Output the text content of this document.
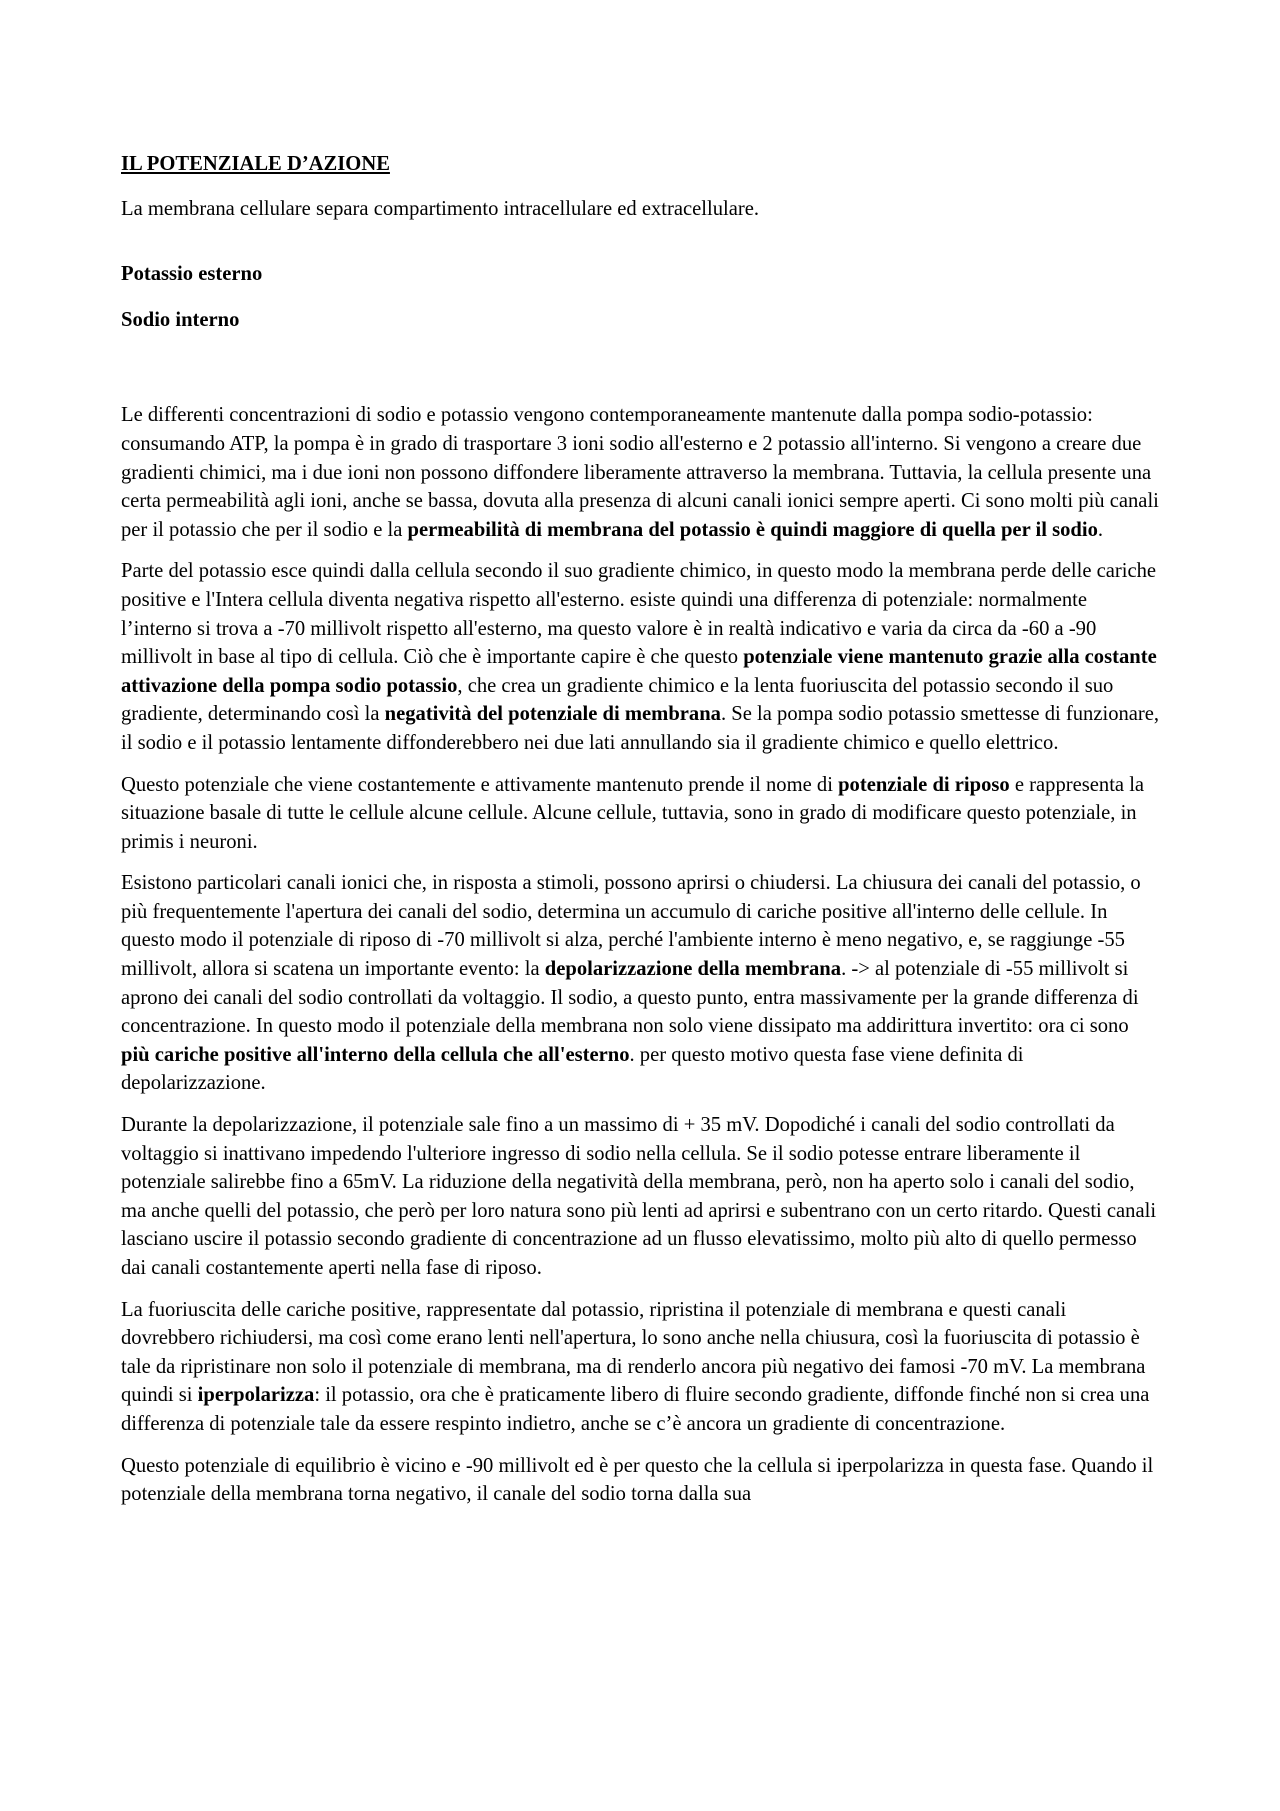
IL POTENZIALE D’AZIONE

La membrana cellulare separa compartimento intracellulare ed extracellulare.

Potassio esterno

Sodio interno

Le differenti concentrazioni di sodio e potassio vengono contemporaneamente mantenute dalla pompa sodio-potassio: consumando ATP, la pompa è in grado di trasportare 3 ioni sodio all'esterno e 2 potassio all'interno. Si vengono a creare due gradienti chimici, ma i due ioni non possono diffondere liberamente attraverso la membrana. Tuttavia, la cellula presente una certa permeabilità agli ioni, anche se bassa, dovuta alla presenza di alcuni canali ionici sempre aperti. Ci sono molti più canali per il potassio che per il sodio e la permeabilità di membrana del potassio è quindi maggiore di quella per il sodio.

Parte del potassio esce quindi dalla cellula secondo il suo gradiente chimico, in questo modo la membrana perde delle cariche positive e l'Intera cellula diventa negativa rispetto all'esterno. esiste quindi una differenza di potenziale: normalmente l’interno si trova a -70 millivolt rispetto all'esterno, ma questo valore è in realtà indicativo e varia da circa da -60 a -90 millivolt in base al tipo di cellula. Ciò che è importante capire è che questo potenziale viene mantenuto grazie alla costante attivazione della pompa sodio potassio, che crea un gradiente chimico e la lenta fuoriuscita del potassio secondo il suo gradiente, determinando così la negatività del potenziale di membrana. Se la pompa sodio potassio smettesse di funzionare, il sodio e il potassio lentamente diffonderebbero nei due lati annullando sia il gradiente chimico e quello elettrico.

Questo potenziale che viene costantemente e attivamente mantenuto prende il nome di potenziale di riposo e rappresenta la situazione basale di tutte le cellule alcune cellule. Alcune cellule, tuttavia, sono in grado di modificare questo potenziale, in primis i neuroni.

Esistono particolari canali ionici che, in risposta a stimoli, possono aprirsi o chiudersi. La chiusura dei canali del potassio, o più frequentemente l'apertura dei canali del sodio, determina un accumulo di cariche positive all'interno delle cellule. In questo modo il potenziale di riposo di -70 millivolt si alza, perché l'ambiente interno è meno negativo, e, se raggiunge -55 millivolt, allora si scatena un importante evento: la depolarizzazione della membrana. -> al potenziale di -55 millivolt si aprono dei canali del sodio controllati da voltaggio. Il sodio, a questo punto, entra massivamente per la grande differenza di concentrazione. In questo modo il potenziale della membrana non solo viene dissipato ma addirittura invertito: ora ci sono più cariche positive all'interno della cellula che all'esterno. per questo motivo questa fase viene definita di depolarizzazione.

Durante la depolarizzazione, il potenziale sale fino a un massimo di + 35 mV. Dopodiché i canali del sodio controllati da voltaggio si inattivano impedendo l'ulteriore ingresso di sodio nella cellula. Se il sodio potesse entrare liberamente il potenziale salirebbe fino a 65mV. La riduzione della negatività della membrana, però, non ha aperto solo i canali del sodio, ma anche quelli del potassio, che però per loro natura sono più lenti ad aprirsi e subentrano con un certo ritardo. Questi canali lasciano uscire il potassio secondo gradiente di concentrazione ad un flusso elevatissimo, molto più alto di quello permesso dai canali costantemente aperti nella fase di riposo.

La fuoriuscita delle cariche positive, rappresentate dal potassio, ripristina il potenziale di membrana e questi canali dovrebbero richiudersi, ma così come erano lenti nell'apertura, lo sono anche nella chiusura, così la fuoriuscita di potassio è tale da ripristinare non solo il potenziale di membrana, ma di renderlo ancora più negativo dei famosi -70 mV. La membrana quindi si iperpolarizza: il potassio, ora che è praticamente libero di fluire secondo gradiente, diffonde finché non si crea una differenza di potenziale tale da essere respinto indietro, anche se c’è ancora un gradiente di concentrazione.

Questo potenziale di equilibrio è vicino e -90 millivolt ed è per questo che la cellula si iperpolarizza in questa fase. Quando il potenziale della membrana torna negativo, il canale del sodio torna dalla sua
